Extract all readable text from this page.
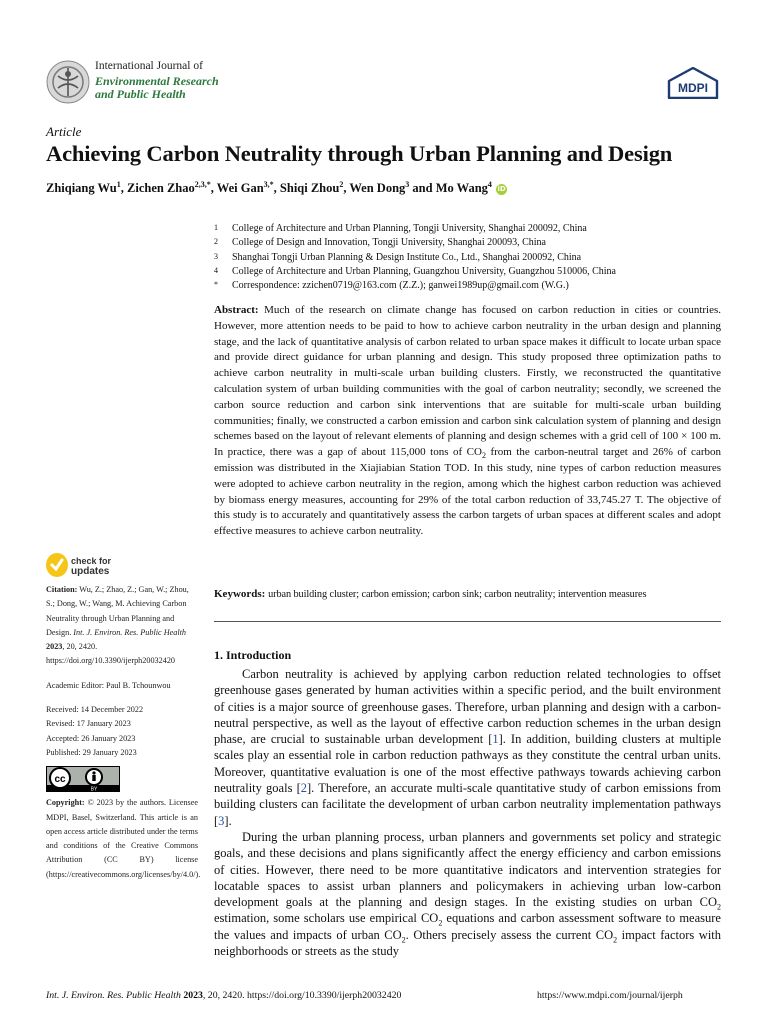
International Journal of
Environmental Research
and Public Health	MDPI
Article
Achieving Carbon Neutrality through Urban Planning and Design
Zhiqiang Wu$^1$, Zichen Zhao$^{2,3,*}$, Wei Gan$^{3,*}$, Shiqi Zhou$^2$, Wen Dong$^3$ and Mo Wang$^4$ iD
1	College of Architecture and Urban Planning, Tongji University, Shanghai 200092, China
2	College of Design and Innovation, Tongji University, Shanghai 200093, China
3	Shanghai Tongji Urban Planning & Design Institute Co., Ltd., Shanghai 200092, China
4	College of Architecture and Urban Planning, Guangzhou University, Guangzhou 510006, China
*	Correspondence: zzichen0719@163.com (Z.Z.); ganwei1989up@gmail.com (W.G.)
Abstract: Much of the research on climate change has focused on carbon reduction in cities or countries. However, more attention needs to be paid to how to achieve carbon neutrality in the urban design and planning stage, and the lack of quantitative analysis of carbon related to urban space makes it difficult to locate urban space and provide direct guidance for urban planning and design. This study proposed three optimization paths to achieve carbon neutrality in multi-scale urban building clusters. Firstly, we reconstructed the quantitative calculation system of urban building communities with the goal of carbon neutrality; secondly, we screened the carbon source reduction and carbon sink interventions that are suitable for multi-scale urban building communities; finally, we constructed a carbon emission and carbon sink calculation system of planning and design schemes based on the layout of relevant elements of planning and design schemes with a grid cell of 100 × 100 m. In practice, there was a gap of about 115,000 tons of $CO_2$ from the carbon-neutral target and 26% of carbon emission was distributed in the Xiajiabian Station TOD. In this study, nine types of carbon reduction measures were adopted to achieve carbon neutrality in the region, among which the highest carbon reduction was achieved by biomass energy measures, accounting for 29% of the total carbon reduction of 33,745.27 T. The objective of this study is to accurately and quantitatively assess the carbon targets of urban spaces at different scales and adopt effective measures to achieve carbon neutrality.
Keywords: urban building cluster; carbon emission; carbon sink; carbon neutrality; intervention measures
check for
updates

Citation: Wu, Z.; Zhao, Z.; Gan, W.; Zhou, S.; Dong, W.; Wang, M. Achieving Carbon Neutrality through Urban Planning and Design. Int. J. Environ. Res. Public Health 2023, 20, 2420. https://doi.org/10.3390/ijerph20032420

Academic Editor: Paul B. Tchounwou

Received: 14 December 2022

Revised: 17 January 2023

Accepted: 26 January 2023

Published: 29 January 2023

cc
BY

Copyright: © 2023 by the authors. Licensee MDPI, Basel, Switzerland. This article is an open access article distributed under the terms and conditions of the Creative Commons Attribution (CC BY) license (https://creativecommons.org/licenses/by/4.0/).

1. Introduction

Carbon neutrality is achieved by applying carbon reduction related technologies to offset greenhouse gases generated by human activities within a specific period, and the built environment of cities is a major source of greenhouse gases. Therefore, urban planning and design with a carbon-neutral perspective, as well as the layout of effective carbon reduction schemes in the urban design phase, are crucial to sustainable urban development [1]. In addition, building clusters at multiple scales play an essential role in carbon reduction pathways as they constitute the central urban units. Moreover, quantitative evaluation is one of the most effective pathways towards achieving carbon neutrality goals [2]. Therefore, an accurate multi-scale quantitative study of carbon emissions from building clusters can facilitate the development of urban carbon neutrality implementation pathways [3].

During the urban planning process, urban planners and governments set policy and strategic goals, and these decisions and plans significantly affect the energy efficiency and carbon emissions of cities. However, there need to be more quantitative indicators and intervention strategies for locatable spaces to assist urban planners and policymakers in achieving urban low-carbon development goals at the planning and design stages. In the existing studies on urban $CO_2$ estimation, some scholars use empirical $CO_2$ equations and carbon assessment software to measure the values and impacts of urban $CO_2$. Others precisely assess the current $CO_2$ impact factors with neighborhoods or streets as the study

Int. J. Environ. Res. Public Health 2023, 20, 2420. https://doi.org/10.3390/ijerph20032420	https://www.mdpi.com/journal/ijerph
